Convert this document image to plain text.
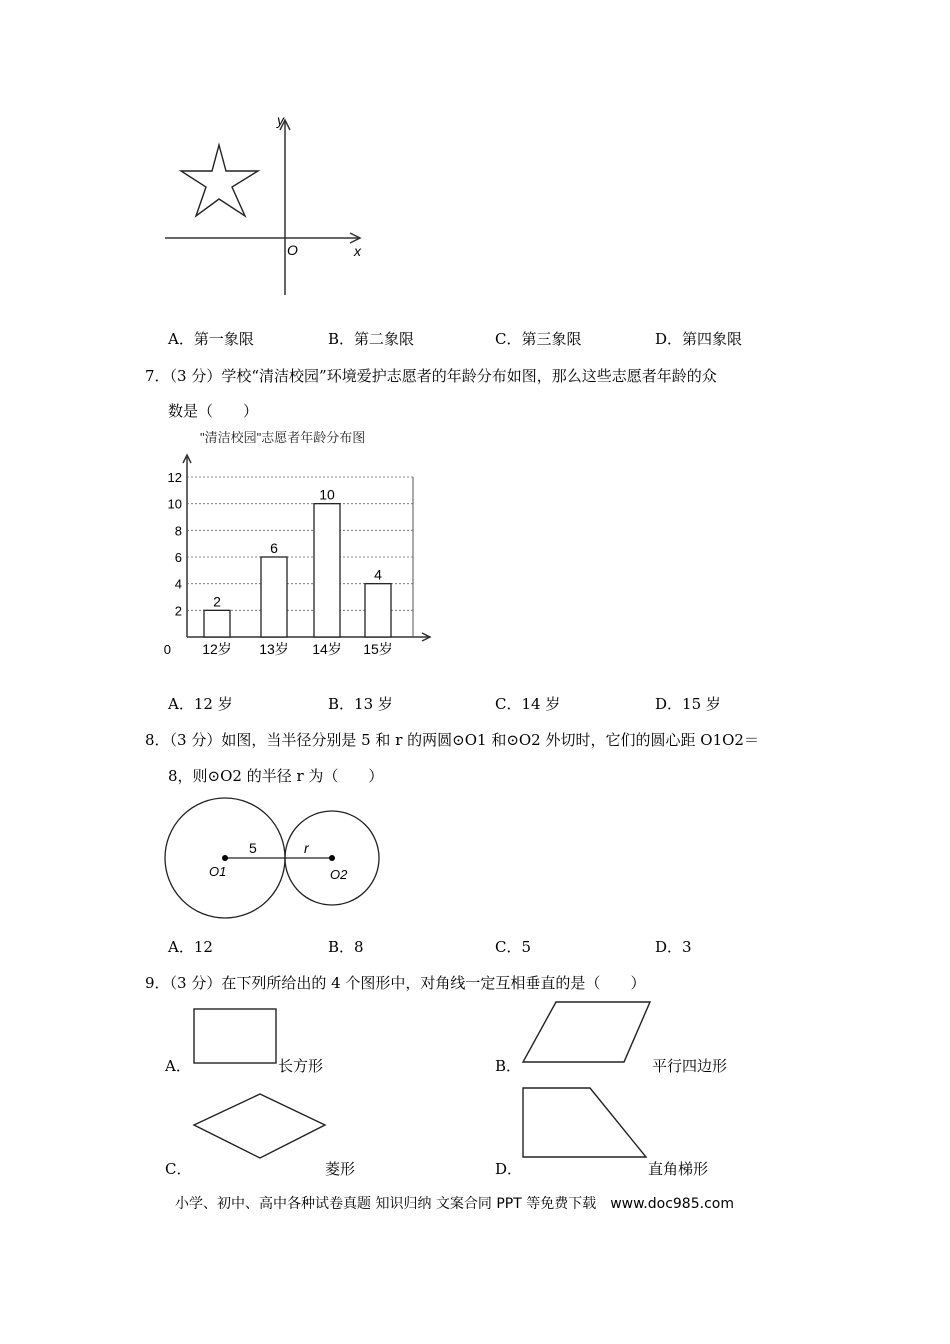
y
x
O
A．第一象限	B．第二象限	C．第三象限	D．第四象限
7．（3 分）学校“清洁校园”环境爱护志愿者的年龄分布如图，那么这些志愿者年龄的众
数是（　　）
"清洁校园"志愿者年龄分布图
0
2
4
6
8
10
12
2
12岁
6
13岁
10
14岁
4
15岁
A．12 岁	B．13 岁	C．14 岁	D．15 岁
8．（3 分）如图，当半径分别是 5 和 r 的两圆⊙O1 和⊙O2 外切时，它们的圆心距 O1O2＝
8，则⊙O2 的半径 r 为（　　）
5	r
O1	O2
A．12	B．8	C．5	D．3
9．（3 分）在下列所给出的 4 个图形中，对角线一定互相垂直的是（　　）
A．	长方形	B．	平行四边形
C．	菱形	D．	直角梯形
小学、初中、高中各种试卷真题 知识归纳 文案合同 PPT 等免费下载　www.doc985.com
